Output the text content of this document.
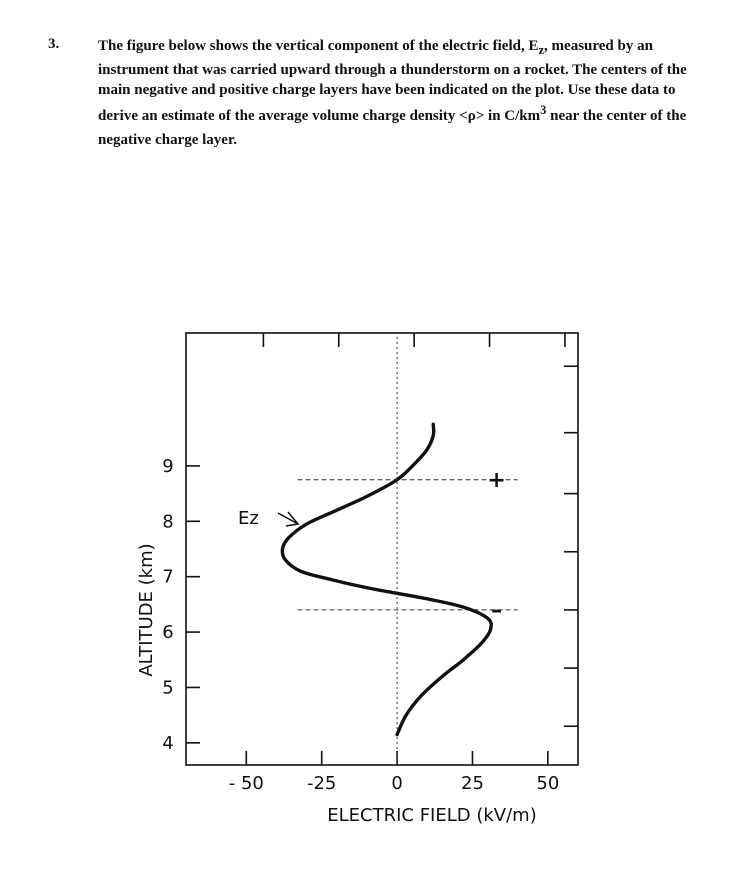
3.	The figure below shows the vertical component of the electric field, $E_z$, measured by an instrument that was carried upward through a thunderstorm on a rocket. The centers of the main negative and positive charge layers have been indicated on the plot. Use these data to derive an estimate of the average volume charge density <ρ> in $C/km^3$ near the center of the negative charge layer.
- 50 -25	0	25	50
4
5
6
7
8
9
+
–
Ez
ELECTRIC FIELD (kV/m)
ALTITUDE (km)
